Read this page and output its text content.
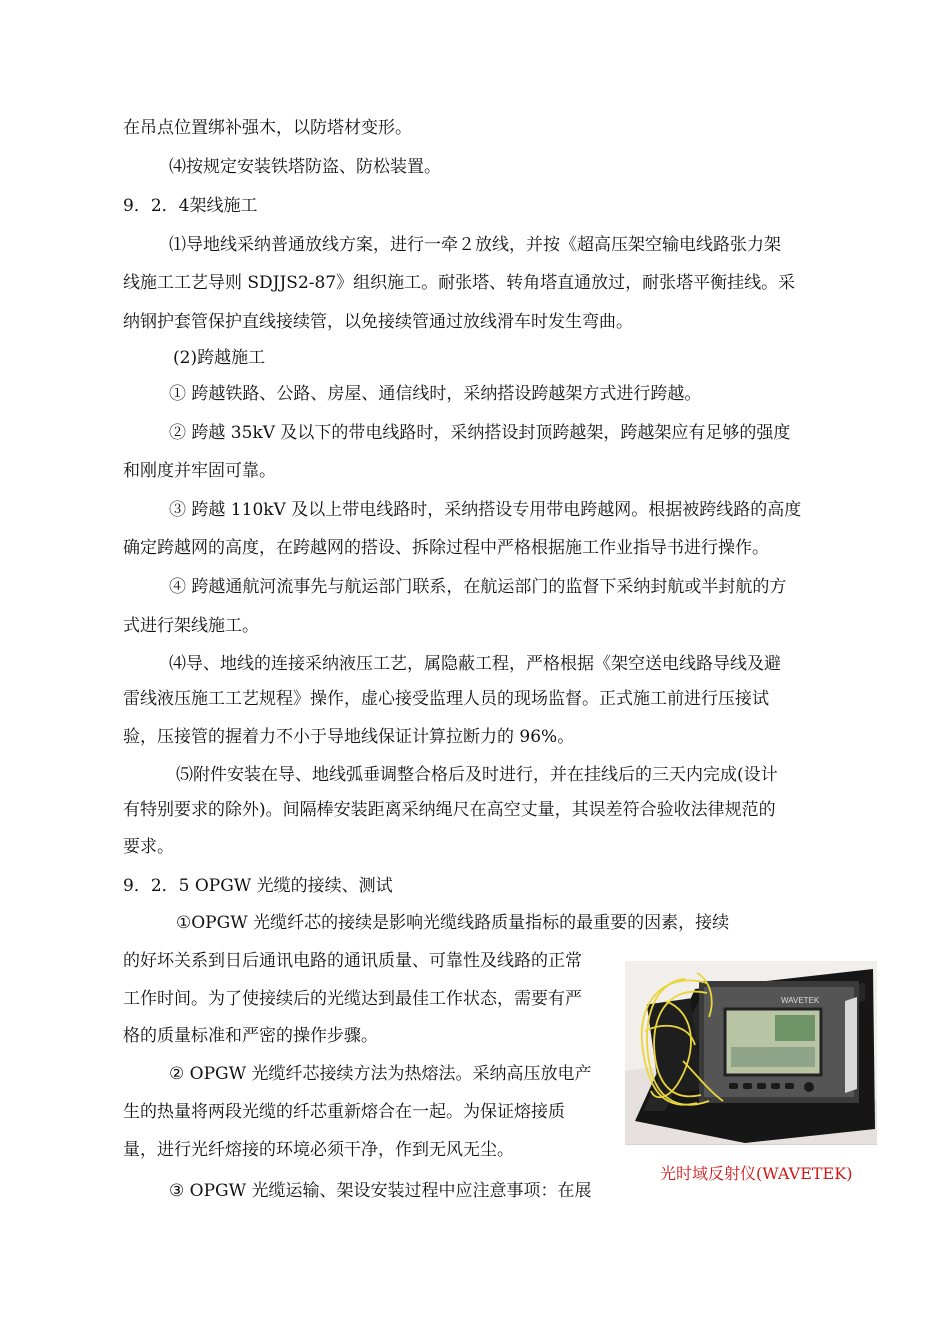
在吊点位置绑补强木，以防塔材变形。
⑷按规定安装铁塔防盗、防松装置。
9．2．4架线施工
⑴导地线采纳普通放线方案，进行一牵２放线，并按《超高压架空输电线路张力架
线施工工艺导则 SDJJS2-87》组织施工。耐张塔、转角塔直通放过，耐张塔平衡挂线。采
纳钢护套管保护直线接续管，以免接续管通过放线滑车时发生弯曲。
(2)跨越施工
① 跨越铁路、公路、房屋、通信线时，采纳搭设跨越架方式进行跨越。
② 跨越 35kV 及以下的带电线路时，采纳搭设封顶跨越架，跨越架应有足够的强度
和刚度并牢固可靠。
③ 跨越 110kV 及以上带电线路时，采纳搭设专用带电跨越网。根据被跨线路的高度
确定跨越网的高度，在跨越网的搭设、拆除过程中严格根据施工作业指导书进行操作。
④ 跨越通航河流事先与航运部门联系，在航运部门的监督下采纳封航或半封航的方
式进行架线施工。
⑷导、地线的连接采纳液压工艺，属隐蔽工程，严格根据《架空送电线路导线及避
雷线液压施工工艺规程》操作，虚心接受监理人员的现场监督。正式施工前进行压接试
验，压接管的握着力不小于导地线保证计算拉断力的 96%。
⑸附件安装在导、地线弧垂调整合格后及时进行，并在挂线后的三天内完成(设计
有特别要求的除外)。间隔棒安装距离采纳绳尺在高空丈量，其误差符合验收法律规范的
要求。
9．2．5 OPGW 光缆的接续、测试
①OPGW 光缆纤芯的接续是影响光缆线路质量指标的最重要的因素，接续
的好坏关系到日后通讯电路的通讯质量、可靠性及线路的正常
工作时间。为了使接续后的光缆达到最佳工作状态，需要有严
格的质量标准和严密的操作步骤。
② OPGW 光缆纤芯接续方法为热熔法。采纳高压放电产
生的热量将两段光缆的纤芯重新熔合在一起。为保证熔接质
量，进行光纤熔接的环境必须干净，作到无风无尘。
③ OPGW 光缆运输、架设安装过程中应注意事项：在展
WAVETEK
光时域反射仪(WAVETEK)
